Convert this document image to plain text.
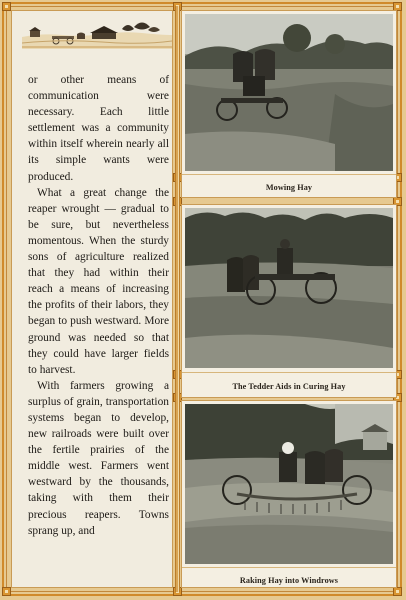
or other means of communication were necessary. Each little settlement was a community within itself wherein nearly all its simple wants were produced.

What a great change the reaper wrought — gradual to be sure, but nevertheless momentous. When the sturdy sons of agriculture realized that they had within their reach a means of increasing the profits of their labors, they began to push westward. More ground was needed so that they could have larger fields to harvest.

With farmers growing a surplus of grain, transportation systems began to develop, new railroads were built over the fertile prairies of the middle west. Farmers went westward by the thousands, taking with them their precious reapers. Towns sprang up, and

Mowing Hay
The Tedder Aids in Curing Hay
Raking Hay into Windrows
